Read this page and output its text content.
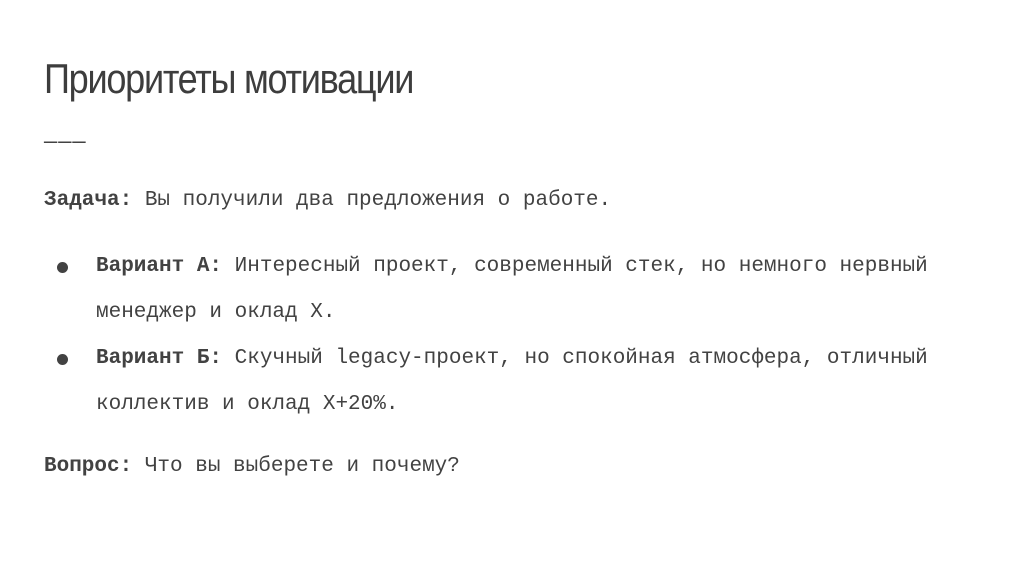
Приоритеты мотивации
———

Задача: Вы получили два предложения о работе.

Вариант А: Интересный проект, современный стек, но немного нервный менеджер и оклад X.
Вариант Б: Скучный legacy-проект, но спокойная атмосфера, отличный коллектив и оклад X+20%.

Вопрос: Что вы выберете и почему?
